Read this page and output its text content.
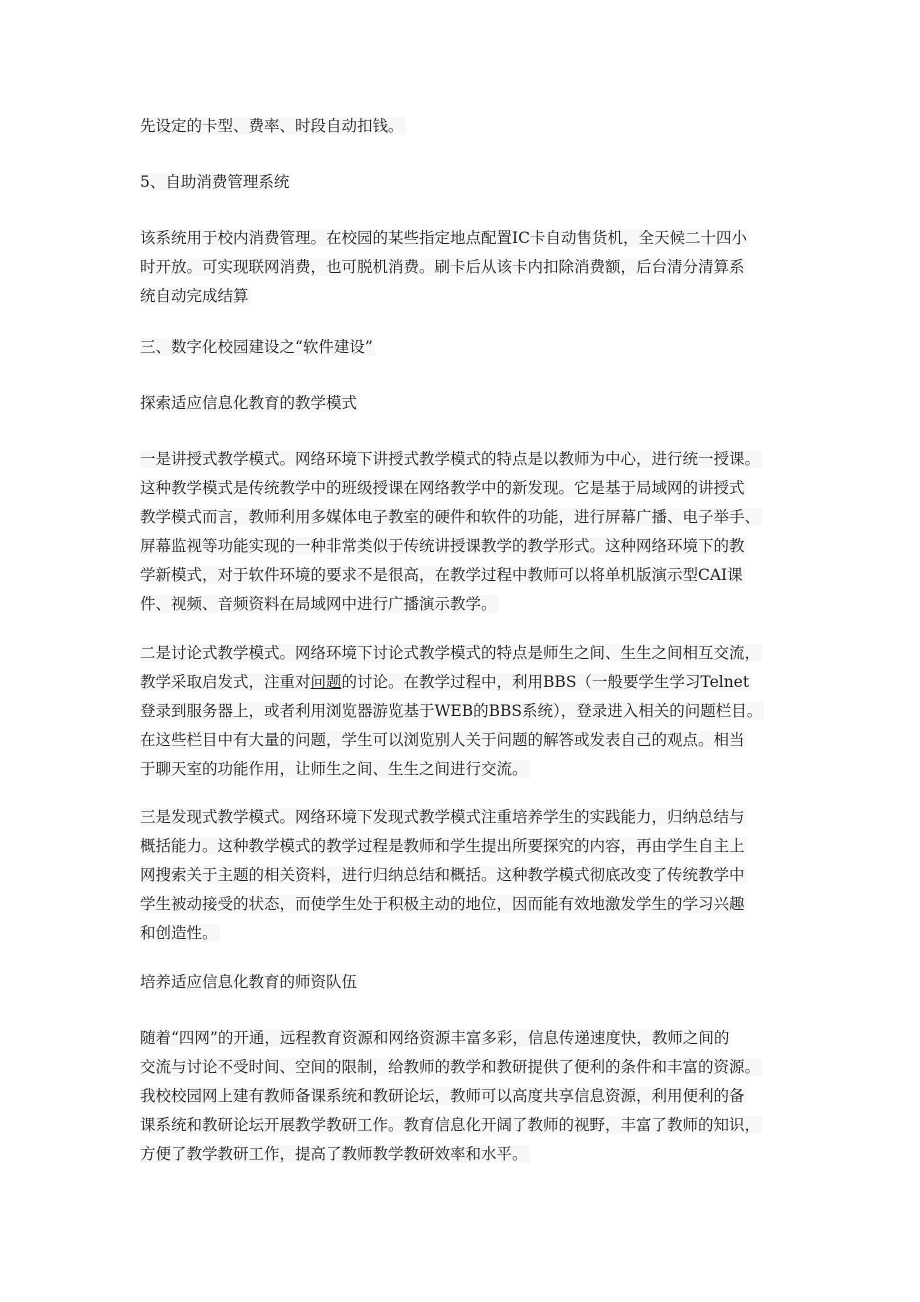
先设定的卡型、费率、时段自动扣钱。
5、自助消费管理系统
该系统用于校内消费管理。在校园的某些指定地点配置IC卡自动售货机，全天候二十四小
时开放。可实现联网消费，也可脱机消费。刷卡后从该卡内扣除消费额，后台清分清算系
统自动完成结算
三、数字化校园建设之“软件建设”
探索适应信息化教育的教学模式
一是讲授式教学模式。网络环境下讲授式教学模式的特点是以教师为中心，进行统一授课。
这种教学模式是传统教学中的班级授课在网络教学中的新发现。它是基于局域网的讲授式
教学模式而言，教师利用多媒体电子教室的硬件和软件的功能，进行屏幕广播、电子举手、
屏幕监视等功能实现的一种非常类似于传统讲授课教学的教学形式。这种网络环境下的教
学新模式，对于软件环境的要求不是很高，在教学过程中教师可以将单机版演示型CAI课
件、视频、音频资料在局域网中进行广播演示教学。
二是讨论式教学模式。网络环境下讨论式教学模式的特点是师生之间、生生之间相互交流，
教学采取启发式，注重对问题的讨论。在教学过程中，利用BBS（一般要学生学习Telnet
登录到服务器上，或者利用浏览器游览基于WEB的BBS系统），登录进入相关的问题栏目。
在这些栏目中有大量的问题，学生可以浏览别人关于问题的解答或发表自己的观点。相当
于聊天室的功能作用，让师生之间、生生之间进行交流。
三是发现式教学模式。网络环境下发现式教学模式注重培养学生的实践能力，归纳总结与
概括能力。这种教学模式的教学过程是教师和学生提出所要探究的内容，再由学生自主上
网搜索关于主题的相关资料，进行归纳总结和概括。这种教学模式彻底改变了传统教学中
学生被动接受的状态，而使学生处于积极主动的地位，因而能有效地激发学生的学习兴趣
和创造性。
培养适应信息化教育的师资队伍
随着“四网”的开通，远程教育资源和网络资源丰富多彩，信息传递速度快，教师之间的
交流与讨论不受时间、空间的限制，给教师的教学和教研提供了便利的条件和丰富的资源。
我校校园网上建有教师备课系统和教研论坛，教师可以高度共享信息资源，利用便利的备
课系统和教研论坛开展教学教研工作。教育信息化开阔了教师的视野，丰富了教师的知识，
方便了教学教研工作，提高了教师教学教研效率和水平。
